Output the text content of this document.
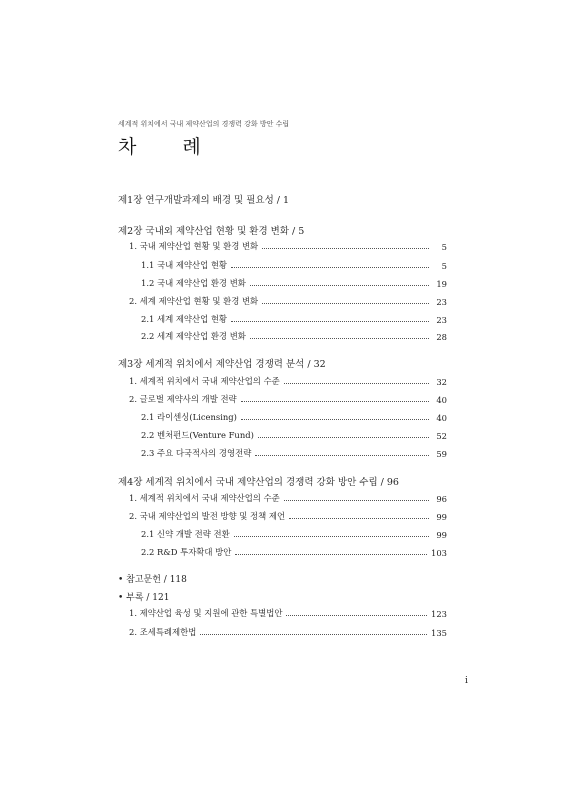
세계적 위치에서 국내 제약산업의 경쟁력 강화 방안 수립
차 례
제1장 연구개발과제의 배경 및 필요성 / 1
제2장 국내외 제약산업 현황 및 환경 변화 / 5
1. 국내 제약산업 현황 및 환경 변화	5
1.1 국내 제약산업 현황	5
1.2 국내 제약산업 환경 변화	19
2. 세계 제약산업 현황 및 환경 변화	23
2.1 세계 제약산업 현황	23
2.2 세계 제약산업 환경 변화	28
제3장 세계적 위치에서 제약산업 경쟁력 분석 / 32
1. 세계적 위치에서 국내 제약산업의 수준	32
2. 글로벌 제약사의 개발 전략	40
2.1 라이센싱(Licensing)	40
2.2 벤처펀드(Venture Fund)	52
2.3 주요 다국적사의 경영전략	59
제4장 세계적 위치에서 국내 제약산업의 경쟁력 강화 방안 수립 / 96
1. 세계적 위치에서 국내 제약산업의 수준	96
2. 국내 제약산업의 발전 방향 및 정책 제언	99
2.1 신약 개발 전략 전환	99
2.2 R&D 투자확대 방안	103
• 참고문헌 / 118
• 부록 / 121
1. 제약산업 육성 및 지원에 관한 특별법안	123
2. 조세특례제한법	135
i
